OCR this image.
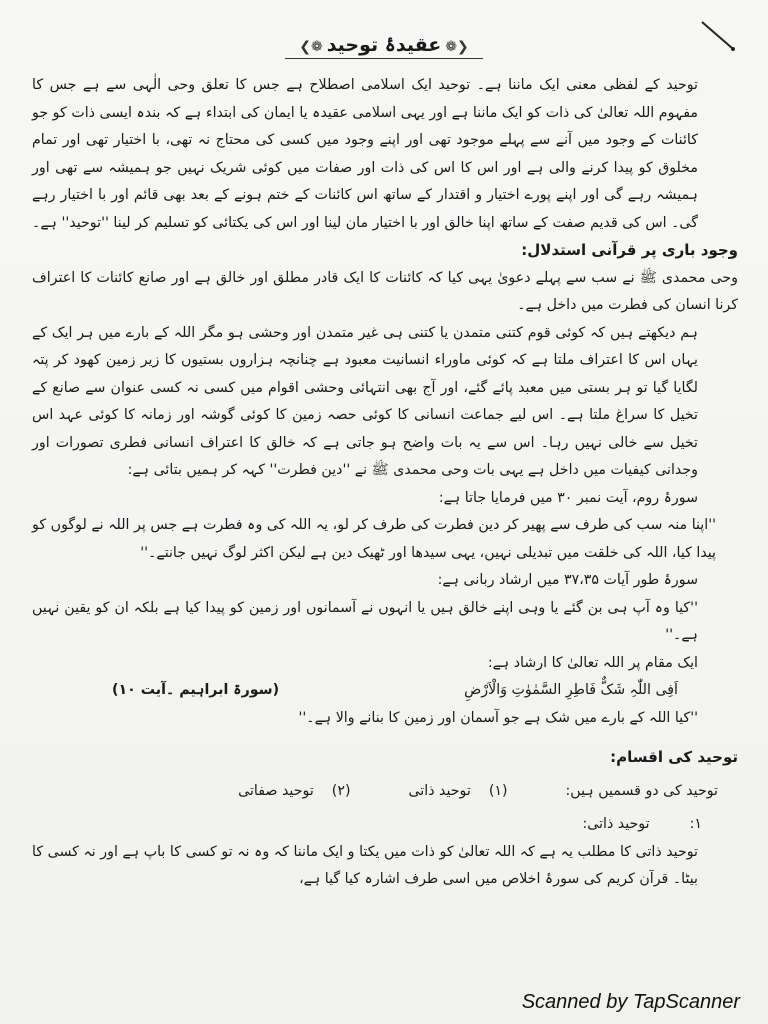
❮❁ عقیدۂ توحید ❁❯

توحید کے لفظی معنی ایک ماننا ہے۔ توحید ایک اسلامی اصطلاح ہے جس کا تعلق وحی الٰہی سے ہے جس کا مفہوم اللہ تعالیٰ کی ذات کو ایک ماننا ہے اور یہی اسلامی عقیدہ یا ایمان کی ابتداء ہے کہ بندہ ایسی ذات کو جو کائنات کے وجود میں آنے سے پہلے موجود تھی اور اپنے وجود میں کسی کی محتاج نہ تھی، با اختیار تھی اور تمام مخلوق کو پیدا کرنے والی ہے اور اس کا اس کی ذات اور صفات میں کوئی شریک نہیں جو ہمیشہ سے تھی اور ہمیشہ رہے گی اور اپنے پورے اختیار و اقتدار کے ساتھ اس کائنات کے ختم ہونے کے بعد بھی قائم اور با اختیار رہے گی۔ اس کی قدیم صفت کے ساتھ اپنا خالق اور با اختیار مان لینا اور اس کی یکتائی کو تسلیم کر لینا ''توحید'' ہے۔

وجود باری پر قرآنی استدلال:

وحی محمدی ﷺ نے سب سے پہلے دعویٰ یہی کیا کہ کائنات کا ایک قادر مطلق اور خالق ہے اور صانع کائنات کا اعتراف کرنا انسان کی فطرت میں داخل ہے۔

ہم دیکھتے ہیں کہ کوئی قوم کتنی متمدن یا کتنی ہی غیر متمدن اور وحشی ہو مگر اللہ کے بارے میں ہر ایک کے یہاں اس کا اعتراف ملتا ہے کہ کوئی ماوراء انسانیت معبود ہے چنانچہ ہزاروں بستیوں کا زیر زمین کھود کر پتہ لگایا گیا تو ہر بستی میں معبد پائے گئے، اور آج بھی انتہائی وحشی اقوام میں کسی نہ کسی عنوان سے صانع کے تخیل کا سراغ ملتا ہے۔ اس لیے جماعت انسانی کا کوئی حصہ زمین کا کوئی گوشہ اور زمانہ کا کوئی عہد اس تخیل سے خالی نہیں رہا۔ اس سے یہ بات واضح ہو جاتی ہے کہ خالق کا اعتراف انسانی فطری تصورات اور وجدانی کیفیات میں داخل ہے یہی بات وحی محمدی ﷺ نے ''دین فطرت'' کہہ کر ہمیں بتائی ہے:

سورۂ روم، آیت نمبر ۳۰ میں فرمایا جاتا ہے:

''اپنا منہ سب کی طرف سے پھیر کر دین فطرت کی طرف کر لو، یہ اللہ کی وہ فطرت ہے جس پر اللہ نے لوگوں کو پیدا کیا، اللہ کی خلقت میں تبدیلی نہیں، یہی سیدھا اور ٹھیک دین ہے لیکن اکثر لوگ نہیں جانتے۔''

سورۂ طور آیات ۳۷،۳۵ میں ارشاد ربانی ہے:

''کیا وہ آپ ہی بن گئے یا وہی اپنے خالق ہیں یا انہوں نے آسمانوں اور زمین کو پیدا کیا ہے بلکہ ان کو یقین نہیں ہے۔''

ایک مقام پر اللہ تعالیٰ کا ارشاد ہے:

اَفِی اللّٰہِ شَکٌّ فَاطِرِ السَّمٰوٰتِ وَالْاَرْضِ
(سورۃ ابراہیم ۔آیت ۱۰)

''کیا اللہ کے بارے میں شک ہے جو آسمان اور زمین کا بنانے والا ہے۔''

توحید کی اقسام:

توحید کی دو قسمیں ہیں:
(۱)توحید ذاتی
(۲)توحید صفاتی
۱:
توحید ذاتی:

توحید ذاتی کا مطلب یہ ہے کہ اللہ تعالیٰ کو ذات میں یکتا و ایک ماننا کہ وہ نہ تو کسی کا باپ ہے اور نہ کسی کا بیٹا۔ قرآن کریم کی سورۂ اخلاص میں اسی طرف اشارہ کیا گیا ہے،

Scanned by TapScanner
